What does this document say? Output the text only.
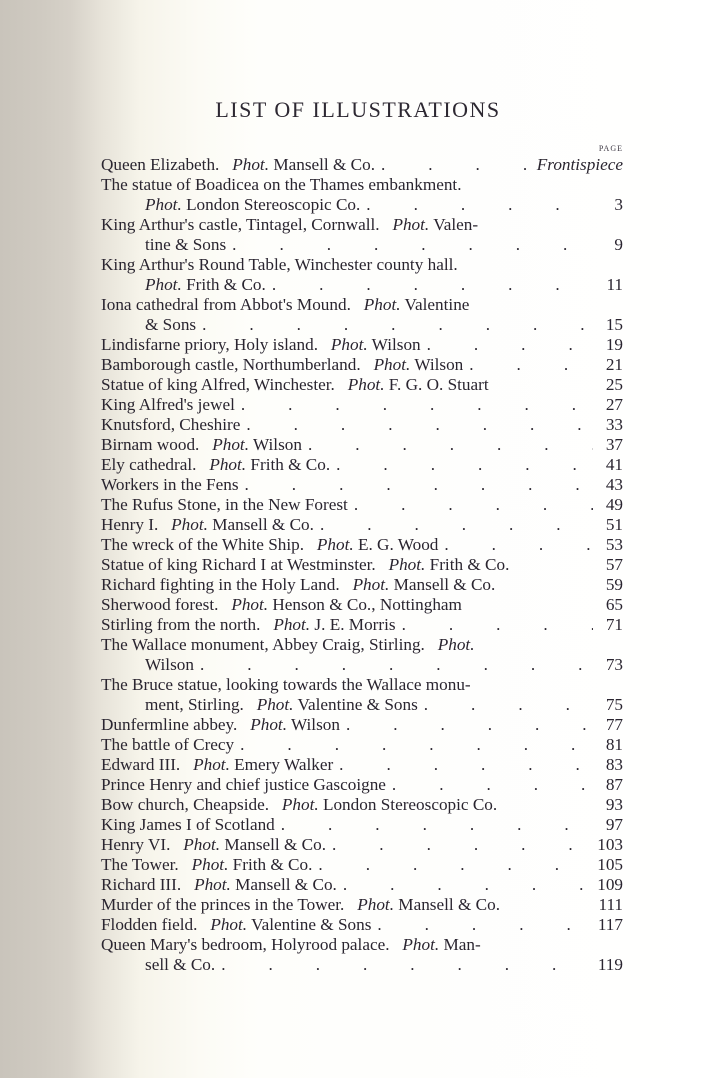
LIST OF ILLUSTRATIONS
PAGE
Queen Elizabeth.  Phot. Mansell & Co. .	Frontispiece
The statue of Boadicea on the Thames embankment.
Phot. London Stereoscopic Co. .	3
King Arthur's castle, Tintagel, Cornwall.  Phot. Valen-
tine & Sons .	9
King Arthur's Round Table, Winchester county hall.
Phot. Frith & Co. .	11
Iona cathedral from Abbot's Mound.  Phot. Valentine
& Sons .	15
Lindisfarne priory, Holy island.  Phot. Wilson .	19
Bamborough castle, Northumberland.  Phot. Wilson .	21
Statue of king Alfred, Winchester.  Phot. F. G. O. Stuart	25
King Alfred's jewel .	27
Knutsford, Cheshire .	33
Birnam wood.  Phot. Wilson .	37
Ely cathedral.  Phot. Frith & Co. .	41
Workers in the Fens .	43
The Rufus Stone, in the New Forest .	49
Henry I.  Phot. Mansell & Co. .	51
The wreck of the White Ship.  Phot. E. G. Wood .	53
Statue of king Richard I at Westminster.  Phot. Frith & Co.	57
Richard fighting in the Holy Land.  Phot. Mansell & Co.	59
Sherwood forest.  Phot. Henson & Co., Nottingham	65
Stirling from the north.  Phot. J. E. Morris .	71
The Wallace monument, Abbey Craig, Stirling.  Phot.
Wilson .	73
The Bruce statue, looking towards the Wallace monu-
ment, Stirling.  Phot. Valentine & Sons .	75
Dunfermline abbey.  Phot. Wilson .	77
The battle of Crecy .	81
Edward III.  Phot. Emery Walker .	83
Prince Henry and chief justice Gascoigne .	87
Bow church, Cheapside.  Phot. London Stereoscopic Co.	93
King James I of Scotland .	97
Henry VI.  Phot. Mansell & Co. .	103
The Tower.  Phot. Frith & Co. .	105
Richard III.  Phot. Mansell & Co. .	109
Murder of the princes in the Tower.  Phot. Mansell & Co.	111
Flodden field.  Phot. Valentine & Sons .	117
Queen Mary's bedroom, Holyrood palace.  Phot. Man-
sell & Co. .	119
